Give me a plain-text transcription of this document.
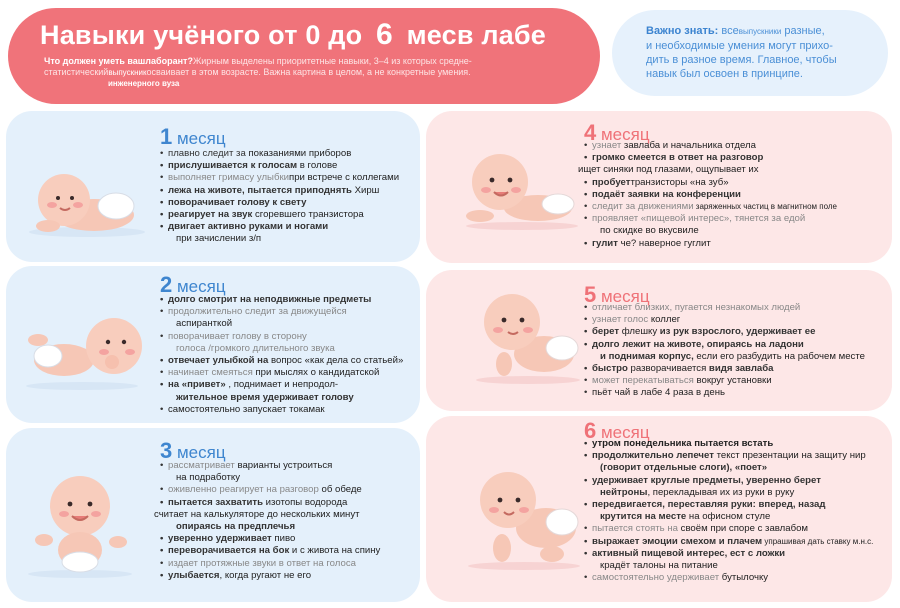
Навыки учёного от 0 до 6 месв лабе
Что должен уметь вашлаборант?Жирным выделены приоритетные навыки, 3–4 из которых средне-
статистическийвыпускникосваивает в этом возрасте. Важна картина в целом, а не конкретные умения.
инженерного вуза
Важно знать: всевыпускники разные,
и необходимые умения могут прихо-
дить в разное время. Главное, чтобы
навык был освоен в принципе.
1 месяц
• плавно следит за показаниями приборов
• прислушивается к голосам в голове
• выполняет гримасу улыбкипри встрече с коллегами
• лежа на животе, пытается приподнять Хирш
• поворачивает голову к свету
• реагирует на звук сгоревшего транзистора
• двигает активно руками и ногами
при зачислении з/п
2 месяц
• долго смотрит на неподвижные предметы
• продолжительно следит за движущейся
аспиранткой
• поворачивает голову в сторону
голоса /громкого длительного звука
• отвечает улыбкой на вопрос «как дела со статьей»
• начинает смеяться при мыслях о кандидатской
• на «привет» , поднимает и непродол-
жительное время удерживает голову
• самостоятельно запускает токамак
3 месяц
• рассматривает варианты устроиться
на подработку
• оживленно реагирует на разговор об обеде
• пытается захватить изотопы водорода
считает на калькуляторе до нескольких минут
опираясь на предплечья
• уверенно удерживает пиво
• переворачивается на бок и с живота на спину
• издает протяжные звуки в ответ на голоса
• улыбается, когда ругают не его
4 месяц
• узнает завлаба и начальника отдела
• громко смеется в ответ на разговор
ищет синяки под глазами, ощупывает их
• пробуеттранзисторы «на зуб»
• подаёт заявки на конференции
• следит за движениями заряженных частиц в магнитном поле
• проявляет «пищевой интерес», тянется за едой
по скидке во вкусвиле
• гулит чe? наверное гуглит
5 месяц
• отличает близких, пугается незнакомых людей
• узнает голос коллег
• берет флешку из рук взрослого, удерживает ее
• долго лежит на животе, опираясь на ладони
и поднимая корпус, если его разбудить на рабочем месте
• быстро разворачивается видя завлаба
• может перекатываться вокруг установки
• пьёт чай в лабе 4 раза в день
6 месяц
• утром понедельника пытается встать
• продолжительно лепечет текст презентации на защиту нир
(говорит отдельные слоги), «поет»
• удерживает круглые предметы, уверенно берет
нейтроны, перекладывая их из руки в руку
• передвигается, переставляя руки: вперед, назад
крутится на месте на офисном стуле
• пытается стоять на своём при споре с завлабом
• выражает эмоции смехом и плачем упрашивая дать ставку м.н.с.
• активный пищевой интерес, ест с ложки
крадёт талоны на питание
• самостоятельно удерживает бутылочку
